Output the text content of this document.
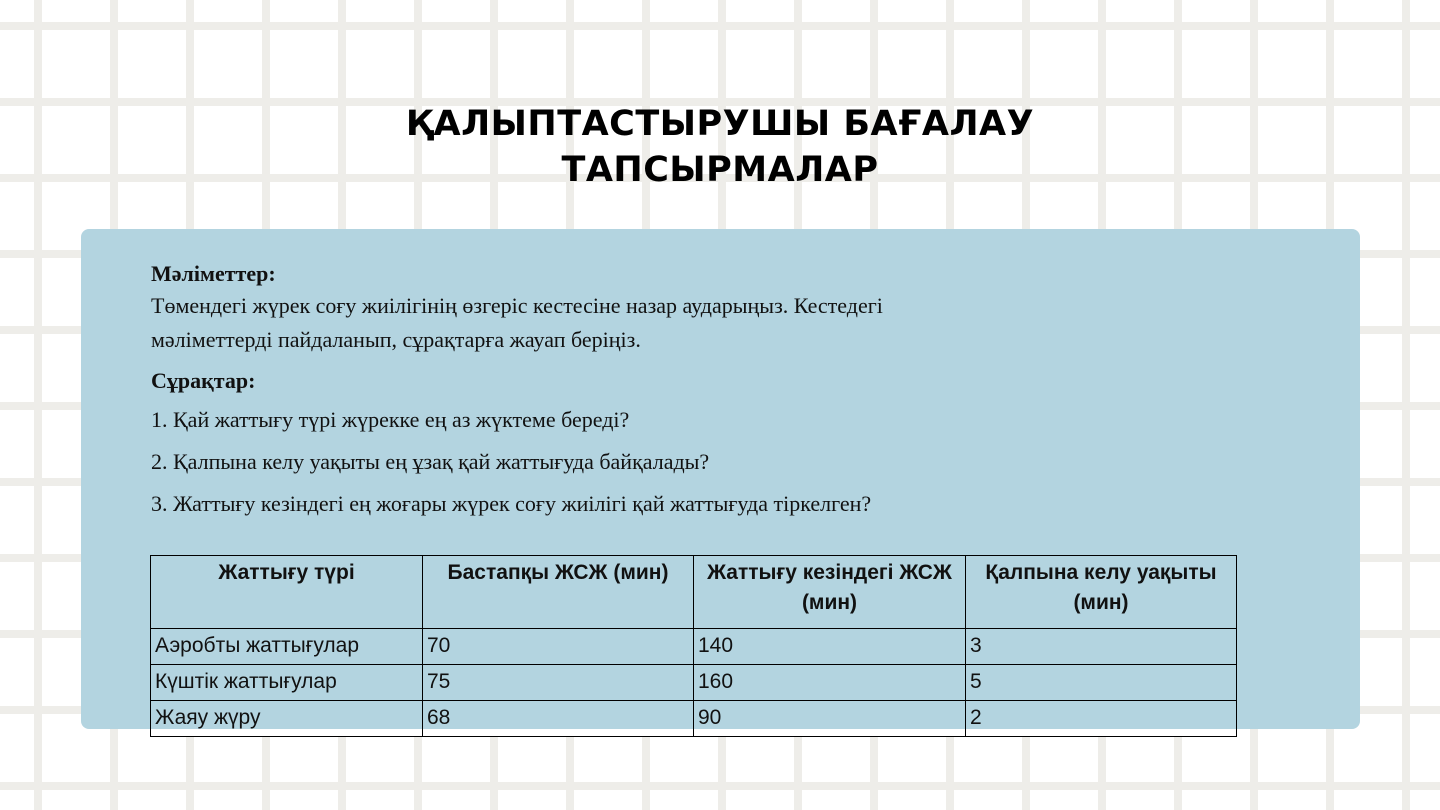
ҚАЛЫПТАСТЫРУШЫ БАҒАЛАУ
ТАПСЫРМАЛАР
Мәліметтер:
Төмендегі жүрек соғу жиілігінің өзгеріс кестесіне назар аударыңыз. Кестедегі
мәліметтерді пайдаланып, сұрақтарға жауап беріңіз.
Сұрақтар:
1. Қай жаттығу түрі жүрекке ең аз жүктеме береді?
2. Қалпына келу уақыты ең ұзақ қай жаттығуда байқалады?
3. Жаттығу кезіндегі ең жоғары жүрек соғу жиілігі қай жаттығуда тіркелген?
Жаттығу түрі	Бастапқы ЖСЖ (мин)	Жаттығу кезіндегі ЖСЖ (мин)	Қалпына келу уақыты (мин)
Аэробты жаттығулар	70	140	3
Күштік жаттығулар	75	160	5
Жаяу жүру	68	90	2
